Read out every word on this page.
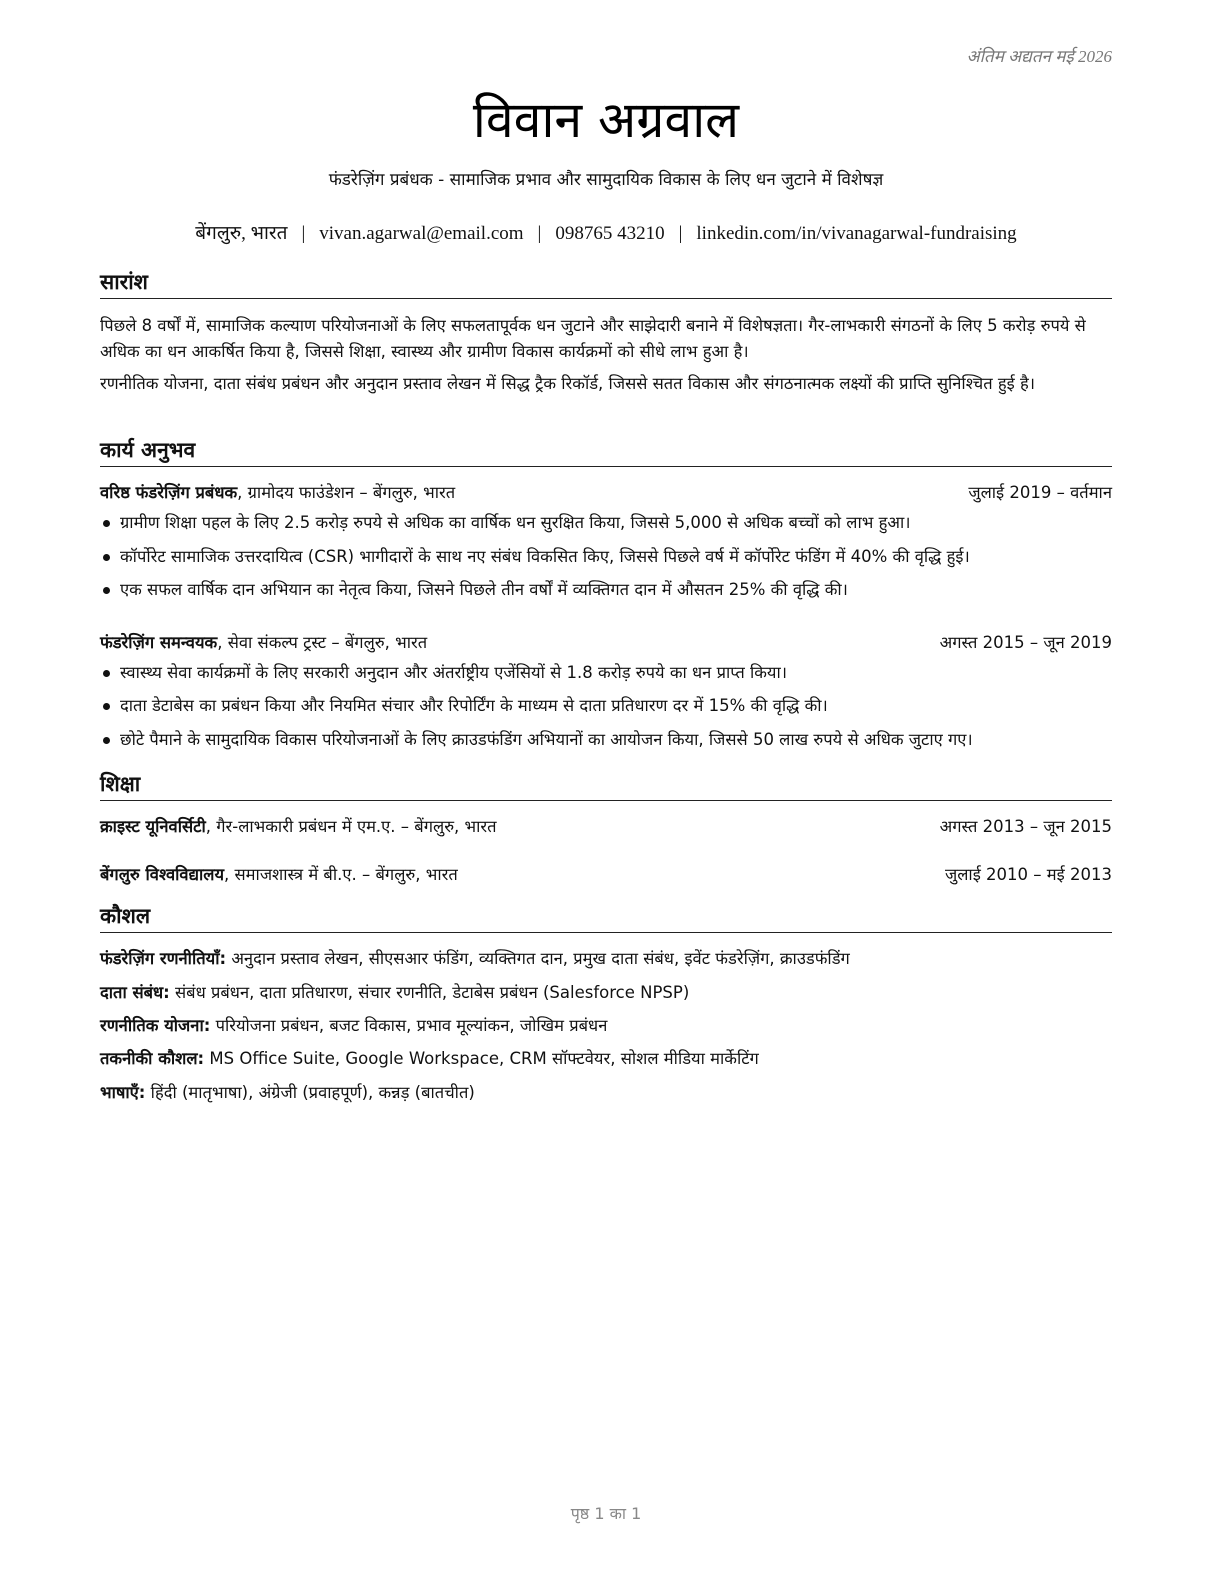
अंतिम अद्यतन मई 2026
विवान अग्रवाल
फंडरेज़िंग प्रबंधक - सामाजिक प्रभाव और सामुदायिक विकास के लिए धन जुटाने में विशेषज्ञ
बेंगलुरु, भारत | vivan.agarwal@email.com | 098765 43210 | linkedin.com/in/vivanagarwal-fundraising
सारांश

पिछले 8 वर्षों में, सामाजिक कल्याण परियोजनाओं के लिए सफलतापूर्वक धन जुटाने और साझेदारी बनाने में विशेषज्ञता। गैर-लाभकारी संगठनों के लिए 5 करोड़ रुपये से अधिक का धन आकर्षित किया है, जिससे शिक्षा, स्वास्थ्य और ग्रामीण विकास कार्यक्रमों को सीधे लाभ हुआ है।

रणनीतिक योजना, दाता संबंध प्रबंधन और अनुदान प्रस्ताव लेखन में सिद्ध ट्रैक रिकॉर्ड, जिससे सतत विकास और संगठनात्मक लक्ष्यों की प्राप्ति सुनिश्चित हुई है।

कार्य अनुभव
वरिष्ठ फंडरेज़िंग प्रबंधक, ग्रामोदय फाउंडेशन – बेंगलुरु, भारत	जुलाई 2019 – वर्तमान
ग्रामीण शिक्षा पहल के लिए 2.5 करोड़ रुपये से अधिक का वार्षिक धन सुरक्षित किया, जिससे 5,000 से अधिक बच्चों को लाभ हुआ।
कॉर्पोरेट सामाजिक उत्तरदायित्व (CSR) भागीदारों के साथ नए संबंध विकसित किए, जिससे पिछले वर्ष में कॉर्पोरेट फंडिंग में 40% की वृद्धि हुई।
एक सफल वार्षिक दान अभियान का नेतृत्व किया, जिसने पिछले तीन वर्षों में व्यक्तिगत दान में औसतन 25% की वृद्धि की।
फंडरेज़िंग समन्वयक, सेवा संकल्प ट्रस्ट – बेंगलुरु, भारत	अगस्त 2015 – जून 2019
स्वास्थ्य सेवा कार्यक्रमों के लिए सरकारी अनुदान और अंतर्राष्ट्रीय एजेंसियों से 1.8 करोड़ रुपये का धन प्राप्त किया।
दाता डेटाबेस का प्रबंधन किया और नियमित संचार और रिपोर्टिंग के माध्यम से दाता प्रतिधारण दर में 15% की वृद्धि की।
छोटे पैमाने के सामुदायिक विकास परियोजनाओं के लिए क्राउडफंडिंग अभियानों का आयोजन किया, जिससे 50 लाख रुपये से अधिक जुटाए गए।
शिक्षा
क्राइस्ट यूनिवर्सिटी, गैर-लाभकारी प्रबंधन में एम.ए. – बेंगलुरु, भारत	अगस्त 2013 – जून 2015
बेंगलुरु विश्वविद्यालय, समाजशास्त्र में बी.ए. – बेंगलुरु, भारत	जुलाई 2010 – मई 2013
कौशल
फंडरेज़िंग रणनीतियाँ: अनुदान प्रस्ताव लेखन, सीएसआर फंडिंग, व्यक्तिगत दान, प्रमुख दाता संबंध, इवेंट फंडरेज़िंग, क्राउडफंडिंग
दाता संबंध: संबंध प्रबंधन, दाता प्रतिधारण, संचार रणनीति, डेटाबेस प्रबंधन (Salesforce NPSP)
रणनीतिक योजना: परियोजना प्रबंधन, बजट विकास, प्रभाव मूल्यांकन, जोखिम प्रबंधन
तकनीकी कौशल: MS Office Suite, Google Workspace, CRM सॉफ्टवेयर, सोशल मीडिया मार्केटिंग
भाषाएँ: हिंदी (मातृभाषा), अंग्रेजी (प्रवाहपूर्ण), कन्नड़ (बातचीत)
पृष्ठ 1 का 1
